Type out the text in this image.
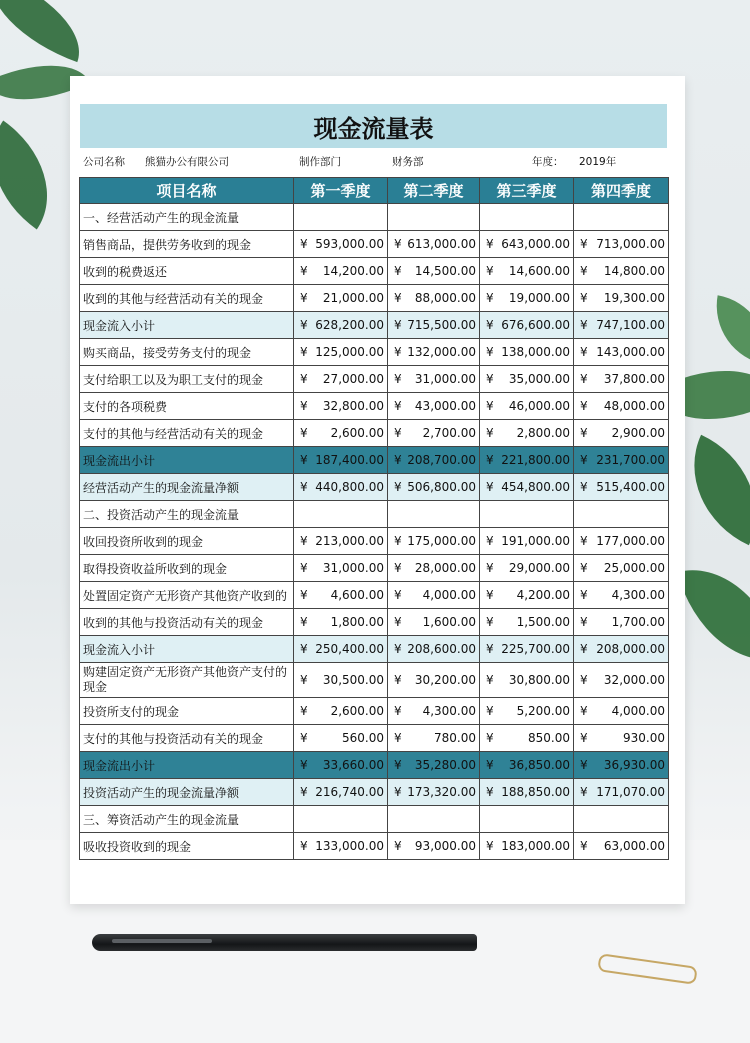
现金流量表
公司名称 熊猫办公有限公司	制作部门	财务部	年度： 2019年
项目名称	第一季度	第二季度	第三季度	第四季度
一、经营活动产生的现金流量				
销售商品，提供劳务收到的现金	¥ 593,000.00	¥ 613,000.00	¥ 643,000.00	¥ 713,000.00
收到的税费返还	¥ 14,200.00	¥ 14,500.00	¥ 14,600.00	¥ 14,800.00
收到的其他与经营活动有关的现金	¥ 21,000.00	¥ 88,000.00	¥ 19,000.00	¥ 19,300.00
现金流入小计	¥ 628,200.00	¥ 715,500.00	¥ 676,600.00	¥ 747,100.00
购买商品，接受劳务支付的现金	¥ 125,000.00	¥ 132,000.00	¥ 138,000.00	¥ 143,000.00
支付给职工以及为职工支付的现金	¥ 27,000.00	¥ 31,000.00	¥ 35,000.00	¥ 37,800.00
支付的各项税费	¥ 32,800.00	¥ 43,000.00	¥ 46,000.00	¥ 48,000.00
支付的其他与经营活动有关的现金	¥ 2,600.00	¥ 2,700.00	¥ 2,800.00	¥ 2,900.00
现金流出小计	¥ 187,400.00	¥ 208,700.00	¥ 221,800.00	¥ 231,700.00
经营活动产生的现金流量净额	¥ 440,800.00	¥ 506,800.00	¥ 454,800.00	¥ 515,400.00
二、投资活动产生的现金流量				
收回投资所收到的现金	¥ 213,000.00	¥ 175,000.00	¥ 191,000.00	¥ 177,000.00
取得投资收益所收到的现金	¥ 31,000.00	¥ 28,000.00	¥ 29,000.00	¥ 25,000.00
处置固定资产无形资产其他资产收到的	¥ 4,600.00	¥ 4,000.00	¥ 4,200.00	¥ 4,300.00
收到的其他与投资活动有关的现金	¥ 1,800.00	¥ 1,600.00	¥ 1,500.00	¥ 1,700.00
现金流入小计	¥ 250,400.00	¥ 208,600.00	¥ 225,700.00	¥ 208,000.00
购建固定资产无形资产其他资产支付的现金	¥ 30,500.00	¥ 30,200.00	¥ 30,800.00	¥ 32,000.00
投资所支付的现金	¥ 2,600.00	¥ 4,300.00	¥ 5,200.00	¥ 4,000.00
支付的其他与投资活动有关的现金	¥ 560.00	¥ 780.00	¥ 850.00	¥ 930.00
现金流出小计	¥ 33,660.00	¥ 35,280.00	¥ 36,850.00	¥ 36,930.00
投资活动产生的现金流量净额	¥ 216,740.00	¥ 173,320.00	¥ 188,850.00	¥ 171,070.00
三、筹资活动产生的现金流量				
吸收投资收到的现金	¥ 133,000.00	¥ 93,000.00	¥ 183,000.00	¥ 63,000.00
